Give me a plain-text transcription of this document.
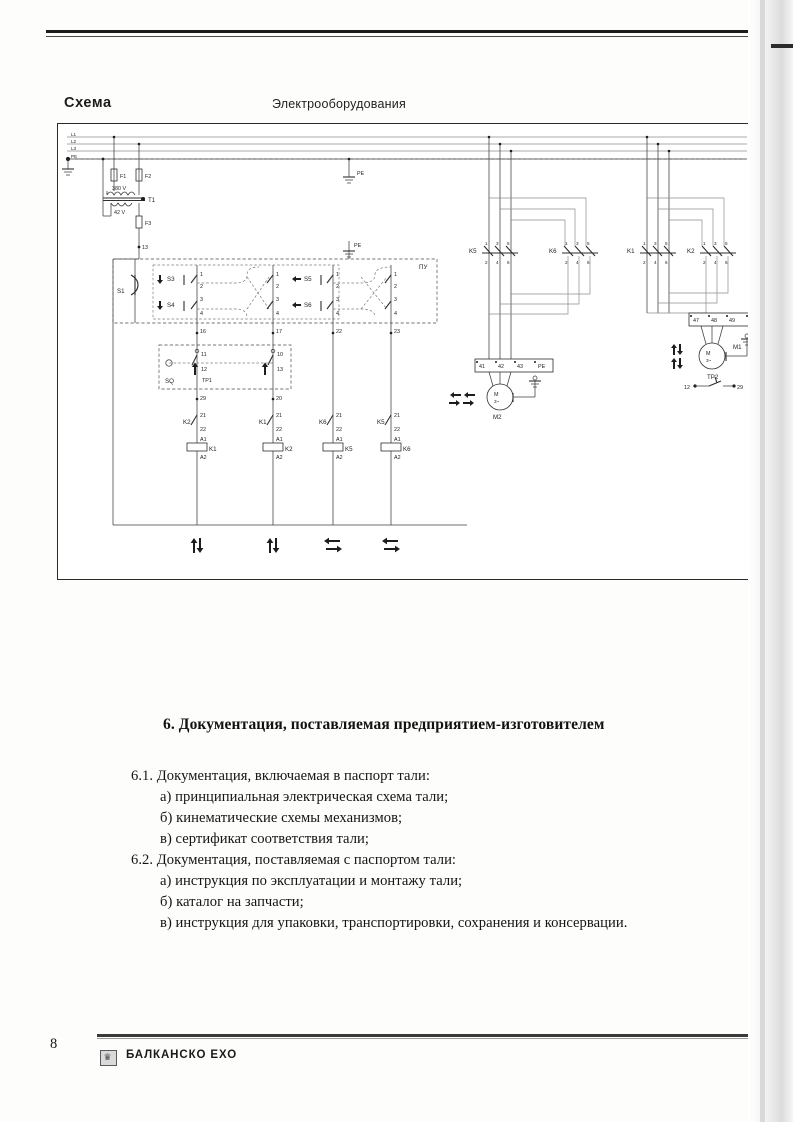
Схема	Электрооборудования
L1
L2
L3
PE
F1	F2
380 V
T1
42 V
F3
13
ПУ
PE
PE
S1
S3
S4
1
2
3
4
1
2
3
4
S5
S6
1
2
3
4
1
2
3
4
16	17	22	23
SQ
11
12
TP1
10
13
29	20
21
22
K2
A1
A2
K1
21
22
K1
A1
A2
K2
21
22
K6
A1
A2
K5
21
22
K5
A1
A2
K6
K5
1
2
3
4
5
6
K6
1
2
3
4
5
6
41 42 43	PE
M
3~
M2
K1
1
2
3
4
5
6
K2
1
2
3
4
5
6
47 48 49
M
3~
M1
TP2
12	29
6. Документация, поставляемая предприятием-изготовителем
6.1. Документация, включаемая в паспорт тали:
а) принципиальная электрическая схема тали;
б) кинематические схемы механизмов;
в) сертификат соответствия тали;
6.2. Документация, поставляемая с паспортом тали:
а) инструкция по эксплуатации и монтажу тали;
б) каталог на запчасти;
в) инструкция для упаковки, транспортировки, сохранения и консервации.
8
♛ БАЛКАНСКО ЕХО
